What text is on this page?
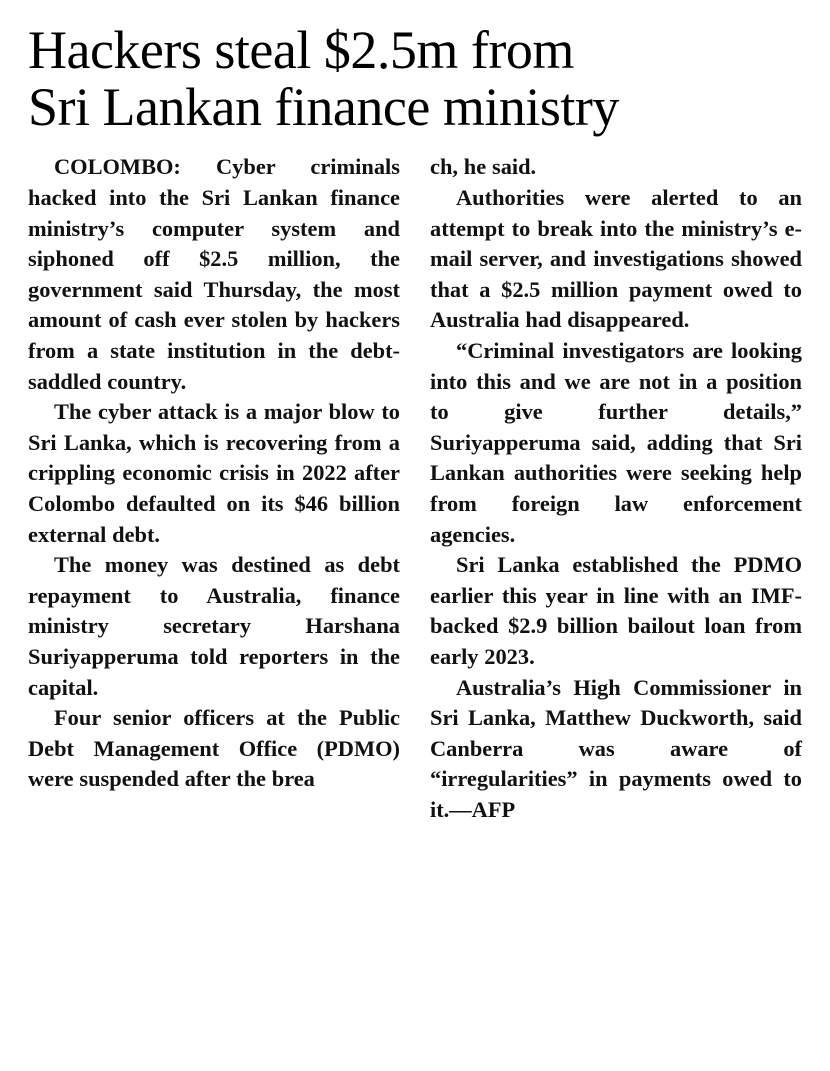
Hackers steal $2.5m from
Sri Lankan finance ministry

COLOMBO: Cyber criminals hacked into the Sri Lankan finance ministry’s computer system and siphoned off $2.5 million, the government said Thursday, the most amount of cash ever stolen by hackers from a state institution in the debt-saddled country.

The cyber attack is a major blow to Sri Lanka, which is recovering from a crippling economic crisis in 2022 after Colombo defaulted on its $46 billion external debt.

The money was destined as debt repayment to Australia, finance ministry secretary Harshana Suriyapperuma told reporters in the capital.

Four senior officers at the Public Debt Management Office (PDMO) were suspended after the brea

ch, he said.

Authorities were alerted to an attempt to break into the ministry’s e-mail server, and investigations showed that a $2.5 million payment owed to Australia had disappeared.

“Criminal investigators are looking into this and we are not in a position to give further details,” Suriyapperuma said, adding that Sri Lankan authorities were seeking help from foreign law enforcement agencies.

Sri Lanka established the PDMO earlier this year in line with an IMF-backed $2.9 billion bailout loan from early 2023.

Australia’s High Commissioner in Sri Lanka, Matthew Duckworth, said Canberra was aware of “irregularities” in payments owed to it.—AFP
